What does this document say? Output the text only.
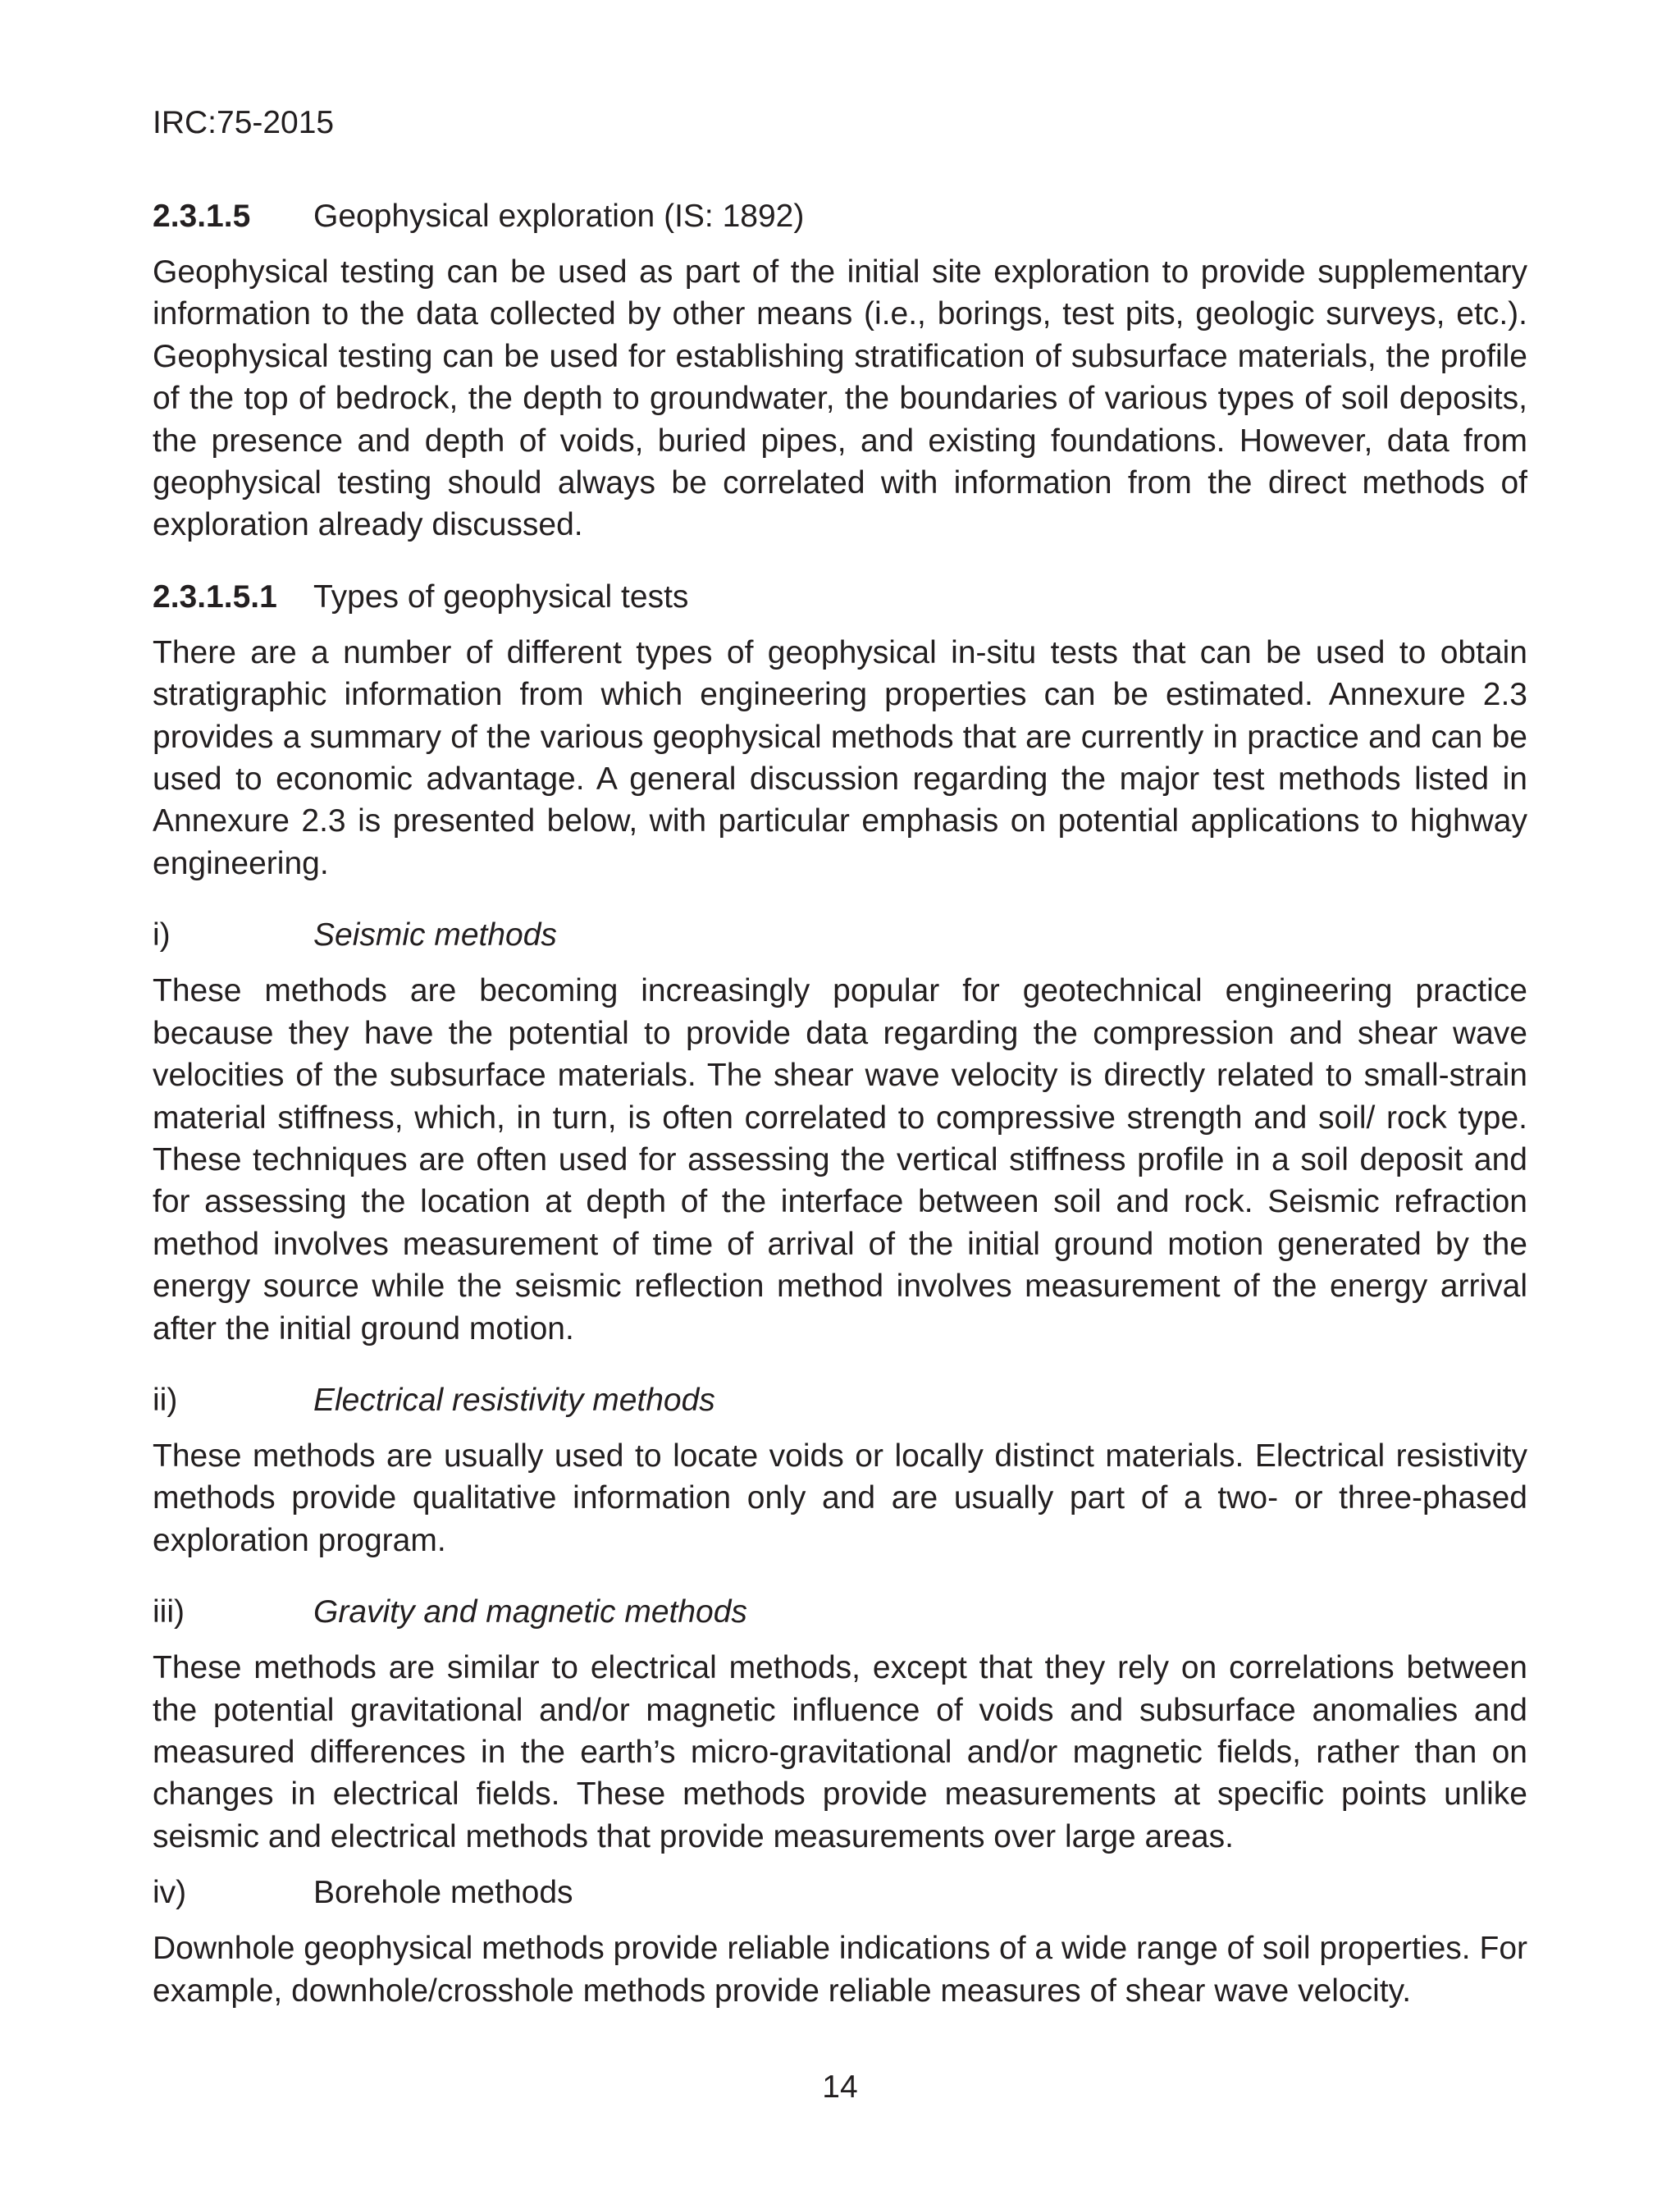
IRC:75-2015
2.3.1.5	Geophysical exploration (IS: 1892)

Geophysical testing can be used as part of the initial site exploration to provide supplementary information to the data collected by other means (i.e., borings, test pits, geologic surveys, etc.). Geophysical testing can be used for establishing stratification of subsurface materials, the profile of the top of bedrock, the depth to groundwater, the boundaries of various types of soil deposits, the presence and depth of voids, buried pipes, and existing foundations. However, data from geophysical testing should always be correlated with information from the direct methods of exploration already discussed.

2.3.1.5.1	Types of geophysical tests

There are a number of different types of geophysical in-situ tests that can be used to obtain stratigraphic information from which engineering properties can be estimated. Annexure 2.3 provides a summary of the various geophysical methods that are currently in practice and can be used to economic advantage. A general discussion regarding the major test methods listed in Annexure 2.3 is presented below, with particular emphasis on potential applications to highway engineering.

i)	Seismic methods

These methods are becoming increasingly popular for geotechnical engineering practice because they have the potential to provide data regarding the compression and shear wave velocities of the subsurface materials. The shear wave velocity is directly related to small-strain material stiffness, which, in turn, is often correlated to compressive strength and soil/ rock type. These techniques are often used for assessing the vertical stiffness profile in a soil deposit and for assessing the location at depth of the interface between soil and rock. Seismic refraction method involves measurement of time of arrival of the initial ground motion generated by the energy source while the seismic reflection method involves measurement of the energy arrival after the initial ground motion.

ii)	Electrical resistivity methods

These methods are usually used to locate voids or locally distinct materials. Electrical resistivity methods provide qualitative information only and are usually part of a two- or three-phased exploration program.

iii)	Gravity and magnetic methods

These methods are similar to electrical methods, except that they rely on correlations between the potential gravitational and/or magnetic influence of voids and subsurface anomalies and measured differences in the earth’s micro-gravitational and/or magnetic fields, rather than on changes in electrical fields. These methods provide measurements at specific points unlike seismic and electrical methods that provide measurements over large areas.

iv)	Borehole methods

Downhole geophysical methods provide reliable indications of a wide range of soil properties. For example, downhole/crosshole methods provide reliable measures of shear wave velocity.

14
